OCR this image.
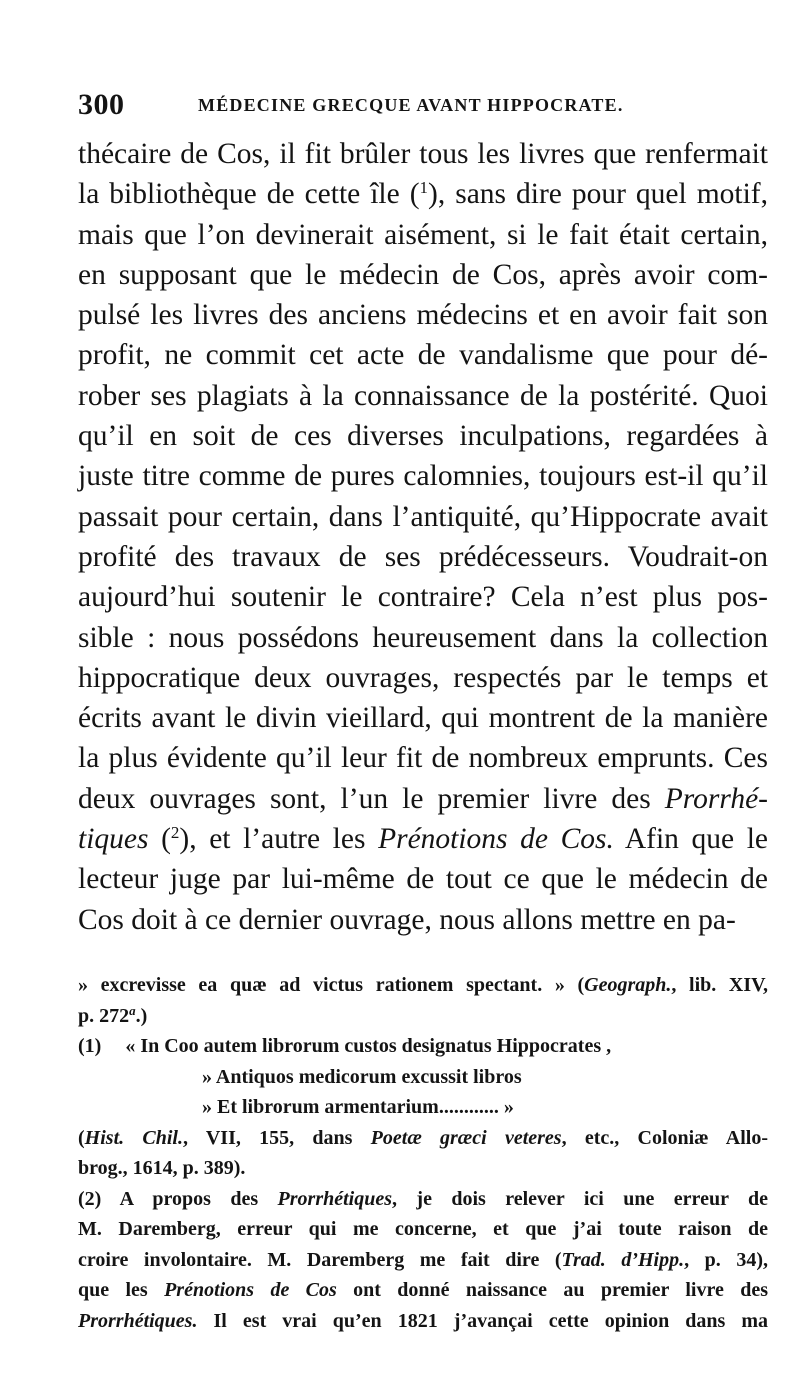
300	MÉDECINE GRECQUE AVANT HIPPOCRATE.
thécaire de Cos, il fit brûler tous les livres que renfermait
la bibliothèque de cette île ($^1$), sans dire pour quel motif,
mais que l’on devinerait aisément, si le fait était certain,
en supposant que le médecin de Cos, après avoir com-
pulsé les livres des anciens médecins et en avoir fait son
profit, ne commit cet acte de vandalisme que pour dé-
rober ses plagiats à la connaissance de la postérité. Quoi
qu’il en soit de ces diverses inculpations, regardées à
juste titre comme de pures calomnies, toujours est-il qu’il
passait pour certain, dans l’antiquité, qu’Hippocrate avait
profité des travaux de ses prédécesseurs. Voudrait-on
aujourd’hui soutenir le contraire? Cela n’est plus pos-
sible : nous possédons heureusement dans la collection
hippocratique deux ouvrages, respectés par le temps et
écrits avant le divin vieillard, qui montrent de la manière
la plus évidente qu’il leur fit de nombreux emprunts. Ces
deux ouvrages sont, l’un le premier livre des Prorrhé-
tiques ($^2$), et l’autre les Prénotions de Cos. Afin que le
lecteur juge par lui-même de tout ce que le médecin de
Cos doit à ce dernier ouvrage, nous allons mettre en pa-
» excrevisse ea quæ ad victus rationem spectant. » (Geograph., lib. XIV,
p. 272$^a$.)
(1) « In Coo autem librorum custos designatus Hippocrates ,
» Antiquos medicorum excussit libros
» Et librorum armentarium............ »
(Hist. Chil., VII, 155, dans Poetæ græci veteres, etc., Coloniæ Allo-
brog., 1614, p. 389).
(2) A propos des Prorrhétiques, je dois relever ici une erreur de
M. Daremberg, erreur qui me concerne, et que j’ai toute raison de
croire involontaire. M. Daremberg me fait dire (Trad. d’Hipp., p. 34),
que les Prénotions de Cos ont donné naissance au premier livre des
Prorrhétiques. Il est vrai qu’en 1821 j’avançai cette opinion dans ma
